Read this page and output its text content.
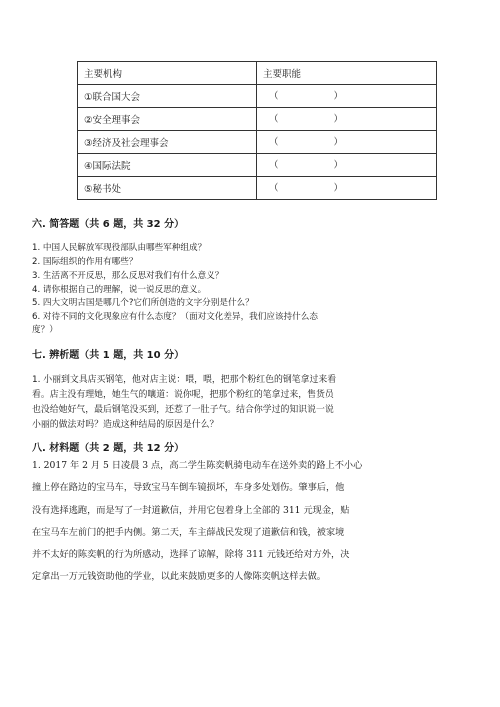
主要机构	主要职能
①联合国大会	（ ）

②安全理事会	（ ）

③经济及社会理事会	（ ）

④国际法院	（ ）

⑤秘书处	（ ）
六. 简答题（共 6 题，共 32 分）
1. 中国人民解放军现役部队由哪些军种组成？
2. 国际组织的作用有哪些？
3. 生活离不开反思，那么反思对我们有什么意义？
4. 请你根据自己的理解，说一说反思的意义。
5. 四大文明古国是哪几个?它们所创造的文字分别是什么？
6. 对待不同的文化现象应有什么态度？（面对文化差异，我们应该持什么态
度？）
七. 辨析题（共 1 题，共 10 分）
1. 小丽到文具店买钢笔，他对店主说：喂，喂，把那个粉红色的钢笔拿过来看
看。店主没有理她，她生气的嚷道：说你呢，把那个粉红的笔拿过来，售货员
也没给她好气，最后钢笔没买到，还惹了一肚子气。结合你学过的知识说一说
小丽的做法对吗？造成这种结局的原因是什么？
八. 材料题（共 2 题，共 12 分）
1. 2017 年 2 月 5 日凌晨 3 点，高二学生陈奕帆骑电动车在送外卖的路上不小心
撞上停在路边的宝马车，导致宝马车倒车镜损坏，车身多处划伤。肇事后，他
没有选择逃跑，而是写了一封道歉信，并用它包着身上全部的 311 元现金，贴
在宝马车左前门的把手内侧。第二天，车主薛战民发现了道歉信和钱，被家境
并不太好的陈奕帆的行为所感动，选择了谅解，除将 311 元钱还给对方外，决
定拿出一万元钱资助他的学业，以此来鼓励更多的人像陈奕帆这样去做。
